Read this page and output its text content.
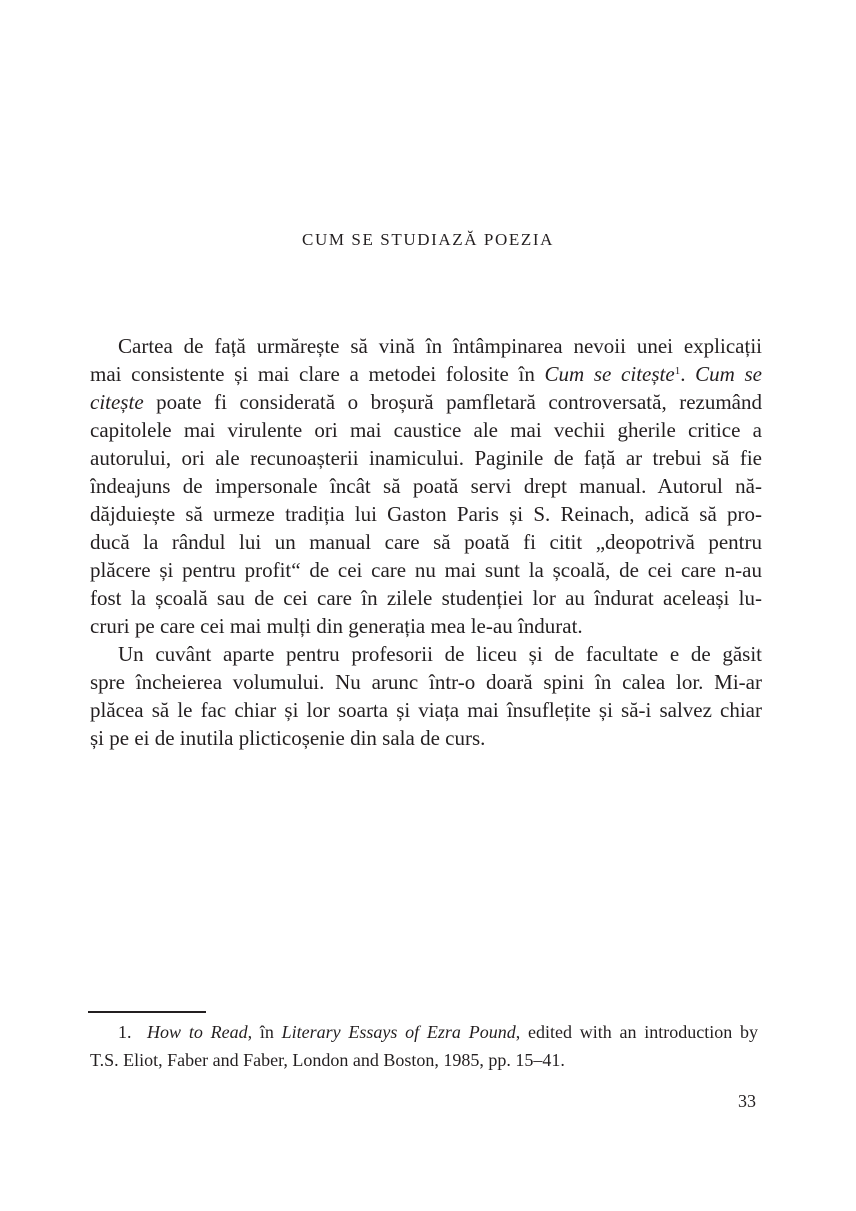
CUM SE STUDIAZĂ POEZIA
Cartea de față urmărește să vină în întâmpinarea nevoii unei explicații
mai consistente și mai clare a metodei folosite în Cum se citește$^1$. Cum se
citește poate fi considerată o broșură pamfletară controversată, rezumând
capitolele mai virulente ori mai caustice ale mai vechii gherile critice a
autorului, ori ale recunoașterii inamicului. Paginile de față ar trebui să fie
îndeajuns de impersonale încât să poată servi drept manual. Autorul nă-
dăjduiește să urmeze tradiția lui Gaston Paris și S. Reinach, adică să pro-
ducă la rândul lui un manual care să poată fi citit „deopotrivă pentru
plăcere și pentru profit“ de cei care nu mai sunt la școală, de cei care n-au
fost la școală sau de cei care în zilele studenției lor au îndurat aceleași lu-
cruri pe care cei mai mulți din generația mea le-au îndurat.
Un cuvânt aparte pentru profesorii de liceu și de facultate e de găsit
spre încheierea volumului. Nu arunc într-o doară spini în calea lor. Mi-ar
plăcea să le fac chiar și lor soarta și viața mai însuflețite și să-i salvez chiar
și pe ei de inutila plicticoșenie din sala de curs.
1. How to Read, în Literary Essays of Ezra Pound, edited with an introduction by
T.S. Eliot, Faber and Faber, London and Boston, 1985, pp. 15–41.
33
